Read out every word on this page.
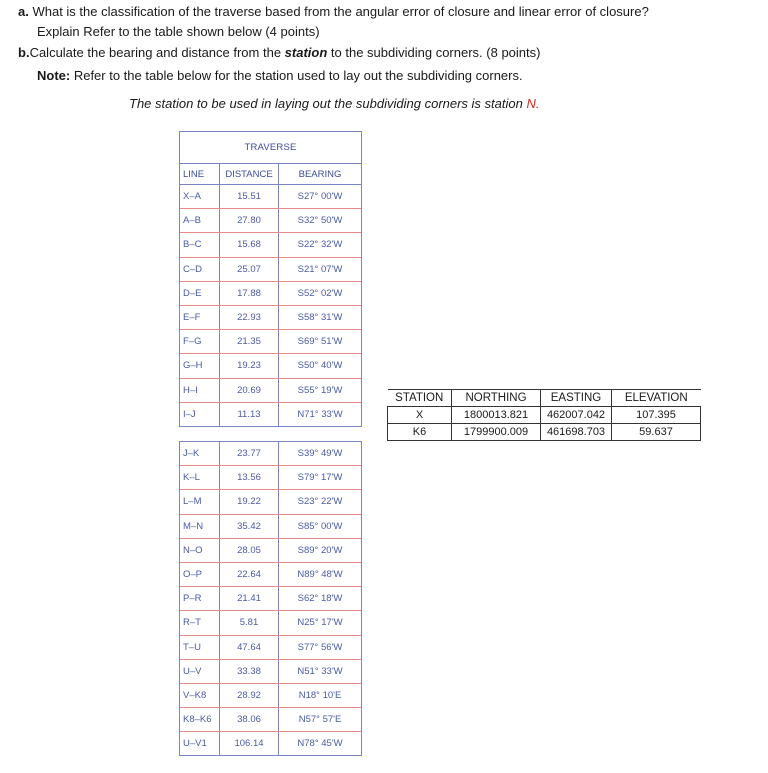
a. What is the classification of the traverse based from the angular error of closure and linear error of closure?
Explain Refer to the table shown below (4 points)
b.Calculate the bearing and distance from the station to the subdividing corners. (8 points)
Note: Refer to the table below for the station used to lay out the subdividing corners.
The station to be used in laying out the subdividing corners is station N.
TRAVERSE
LINE	DISTANCE	BEARING
X–A	15.51	S27° 00'W
A–B	27.80	S32° 50'W
B–C	15.68	S22° 32'W
C–D	25.07	S21° 07'W
D–E	17.88	S52° 02'W
E–F	22.93	S58° 31'W
F–G	21.35	S69° 51'W
G–H	19.23	S50° 40'W
H–I	20.69	S55° 19'W
I–J	11.13	N71° 33'W
J–K	23.77	S39° 49'W
K–L	13.56	S79° 17'W
L–M	19.22	S23° 22'W
M–N	35.42	S85° 00'W
N–O	28.05	S89° 20'W
O–P	22.64	N89° 48'W
P–R	21.41	S62° 18'W
R–T	5.81	N25° 17'W
T–U	47.64	S77° 56'W
U–V	33.38	N51° 33'W
V–K8	28.92	N18° 10'E
K8–K6	38.06	N57° 57'E
U–V1	106.14	N78° 45'W
STATION	NORTHING	EASTING	ELEVATION
X	1800013.821	462007.042	107.395
K6	1799900.009	461698.703	59.637
